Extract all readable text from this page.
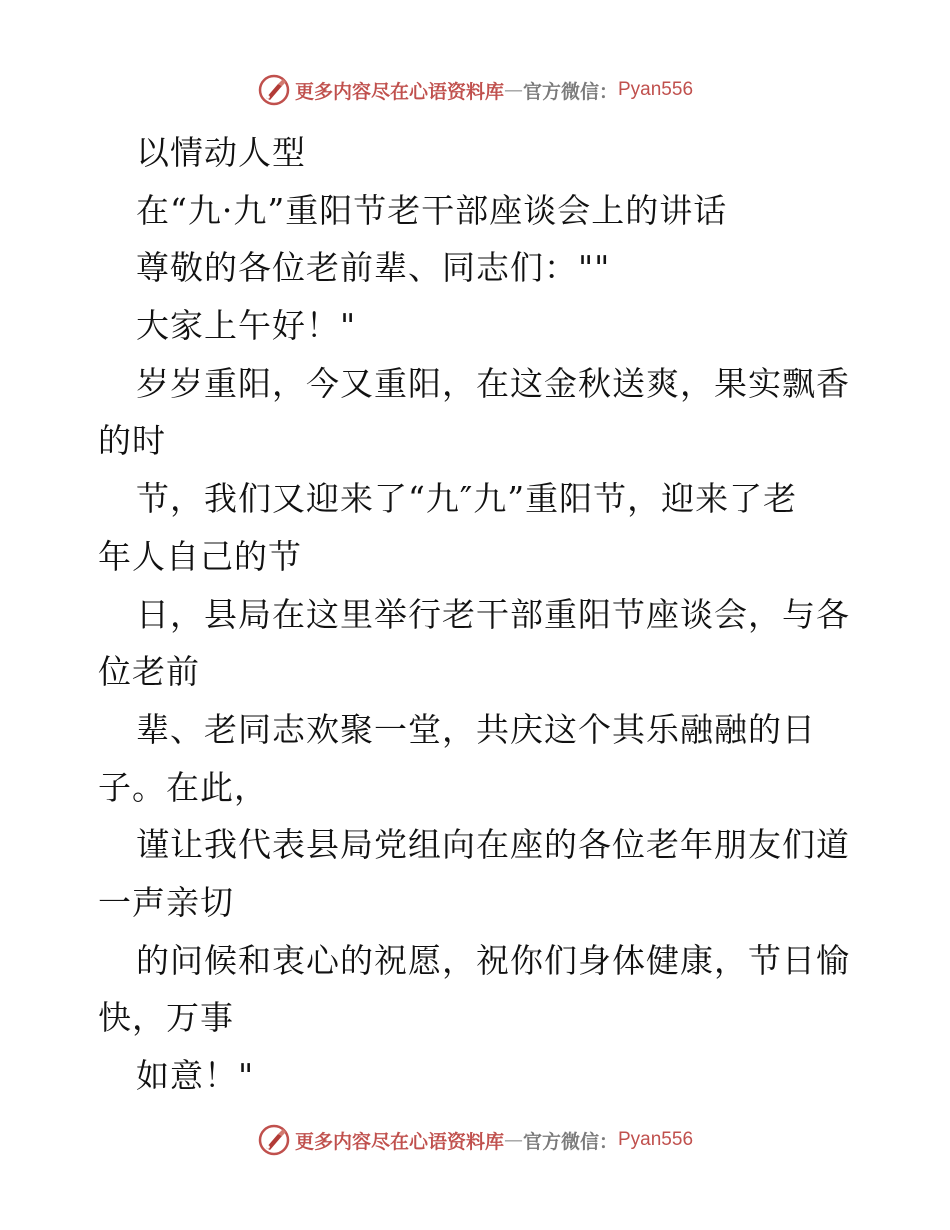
更多内容尽在心语资料库 — 官方微信： Pyan556
以情动人型
在“九·九”重阳节老干部座谈会上的讲话
尊敬的各位老前辈、同志们：""
大家上午好！"
岁岁重阳，今又重阳，在这金秋送爽，果实飘香
的时
节，我们又迎来了“九″九”重阳节，迎来了老
年人自己的节
日，县局在这里举行老干部重阳节座谈会，与各
位老前
辈、老同志欢聚一堂，共庆这个其乐融融的日
子。在此，
谨让我代表县局党组向在座的各位老年朋友们道
一声亲切
的问候和衷心的祝愿，祝你们身体健康，节日愉
快，万事
如意！"
更多内容尽在心语资料库 — 官方微信： Pyan556
